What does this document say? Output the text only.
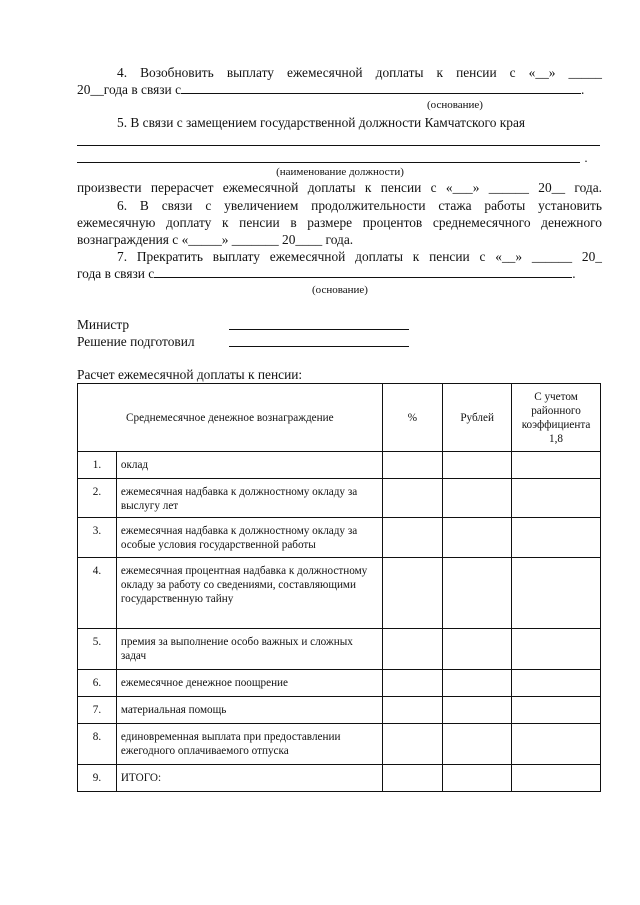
4. Возобновить выплату ежемесячной доплаты к пенсии с «__» _____

20__года в связи с	.

(основание)

5. В связи с замещением государственной должности Камчатского края

.
(наименование должности)

произвести перерасчет ежемесячной доплаты к пенсии с «___» ______ 20__ года.

6. В связи с увеличением продолжительности стажа работы установить

ежемесячную доплату к пенсии в размере процентов среднемесячного денежного

вознаграждения с «_____» _______ 20____ года.

7. Прекратить выплату ежемесячной доплаты к пенсии с «__» ______ 20_

года в связи с	.

(основание)

Министр

Решение подготовил

Расчет ежемесячной доплаты к пенсии:

Среднемесячное денежное вознаграждение		%	Рублей	С учетом районного коэффициента 1,8
1.	оклад			
2.	ежемесячная надбавка к должностному окладу за выслугу лет			
3.	ежемесячная надбавка к должностному окладу за особые условия государственной работы			
4.	ежемесячная процентная надбавка к должностному окладу за работу со сведениями, составляющими государственную тайну			
5.	премия за выполнение особо важных и сложных задач			
6.	ежемесячное денежное поощрение			
7.	материальная помощь			
8.	единовременная выплата при предоставлении ежегодного оплачиваемого отпуска			
9.	ИТОГО:			
